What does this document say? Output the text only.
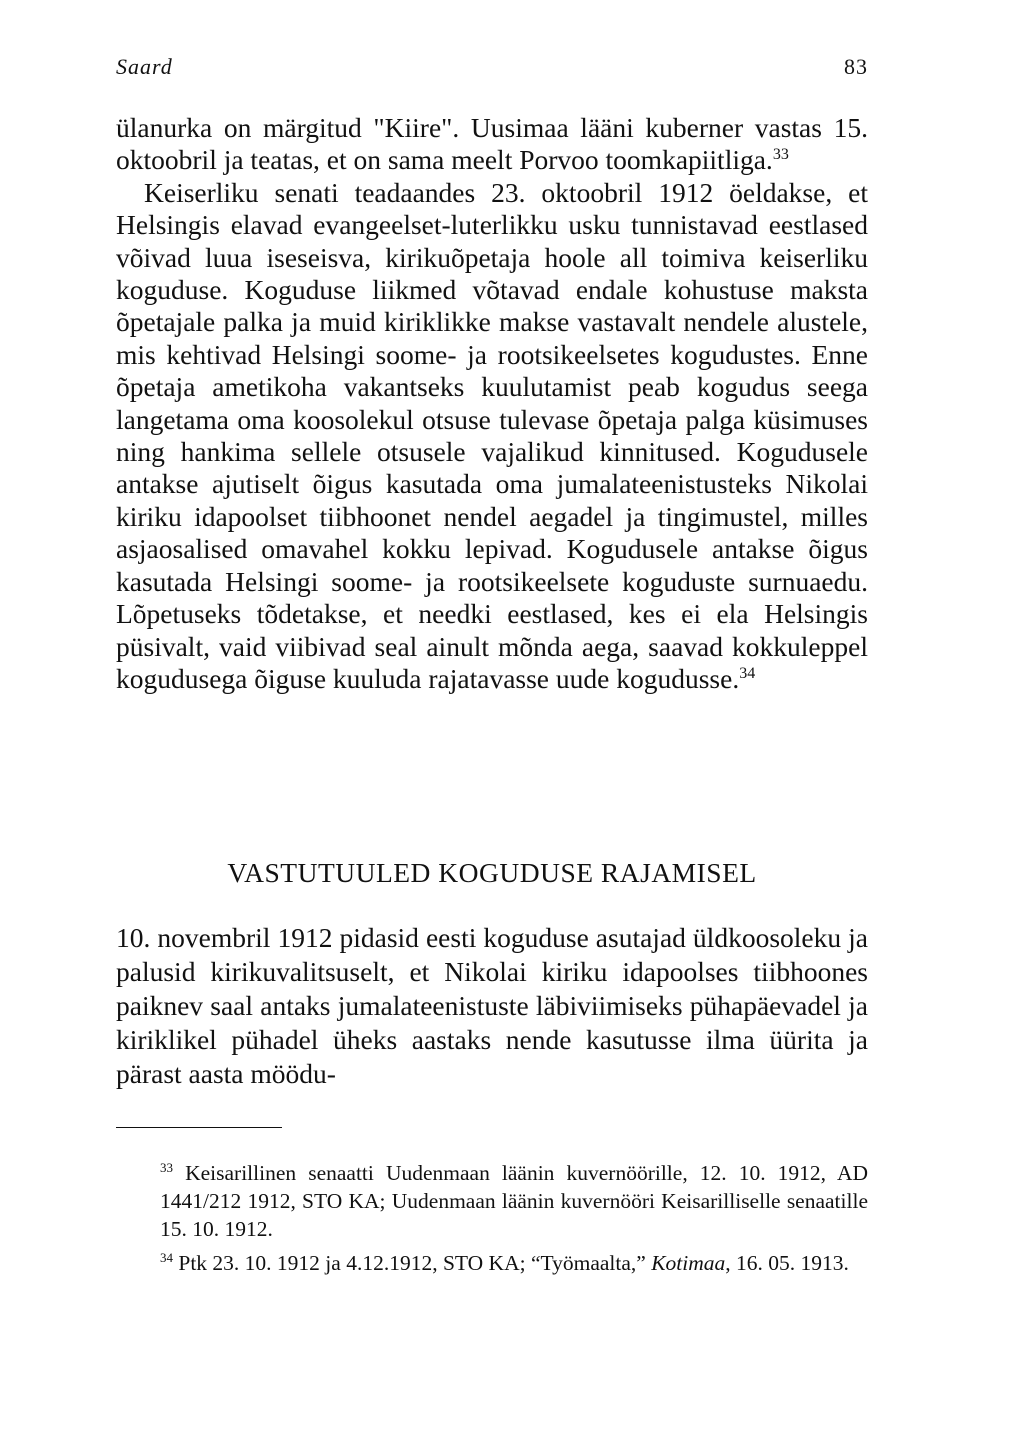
Saard	83

ülanurka on märgitud "Kiire". Uusimaa lääni kuberner vastas 15. oktoobril ja teatas, et on sama meelt Porvoo toomkapiitliga.$^{33}$

Keiserliku senati teadaandes 23. oktoobril 1912 öeldakse, et Helsingis elavad evangeelset-luterlikku usku tunnistavad eestlased võivad luua iseseisva, kirikuõpetaja hoole all toimiva keiserliku koguduse. Koguduse liikmed võtavad endale kohustuse maksta õpetajale palka ja muid kiriklikke makse vastavalt nendele alustele, mis kehtivad Helsingi soome- ja rootsikeelsetes kogudustes. Enne õpetaja ametikoha vakantseks kuulutamist peab kogudus seega langetama oma koosolekul otsuse tulevase õpetaja palga küsimuses ning hankima sellele otsusele vajalikud kinnitused. Kogudusele antakse ajutiselt õigus kasutada oma jumalateenistusteks Nikolai kiriku idapoolset tiibhoonet nendel aegadel ja tingimustel, milles asjaosalised omavahel kokku lepivad. Kogudusele antakse õigus kasutada Helsingi soome- ja rootsikeelsete koguduste surnuaedu. Lõpetuseks tõdetakse, et needki eestlased, kes ei ela Helsingis püsivalt, vaid viibivad seal ainult mõnda aega, saavad kokkuleppel kogudusega õiguse kuuluda rajatavasse uude kogudusse.$^{34}$

VASTUTUULED KOGUDUSE RAJAMISEL

10. novembril 1912 pidasid eesti koguduse asutajad üldkoosoleku ja palusid kirikuvalitsuselt, et Nikolai kiriku idapoolses tiibhoones paiknev saal antaks jumalateenistuste läbiviimiseks pühapäevadel ja kiriklikel pühadel üheks aastaks nende kasutusse ilma üürita ja pärast aasta möödu-

$^{33}$ Keisarillinen senaatti Uudenmaan läänin kuvernöörille, 12. 10. 1912, AD 1441/212 1912, STO KA; Uudenmaan läänin kuvernööri Keisarilliselle senaatille 15. 10. 1912.

$^{34}$ Ptk 23. 10. 1912 ja 4.12.1912, STO KA; “Työmaalta,” Kotimaa, 16. 05. 1913.
